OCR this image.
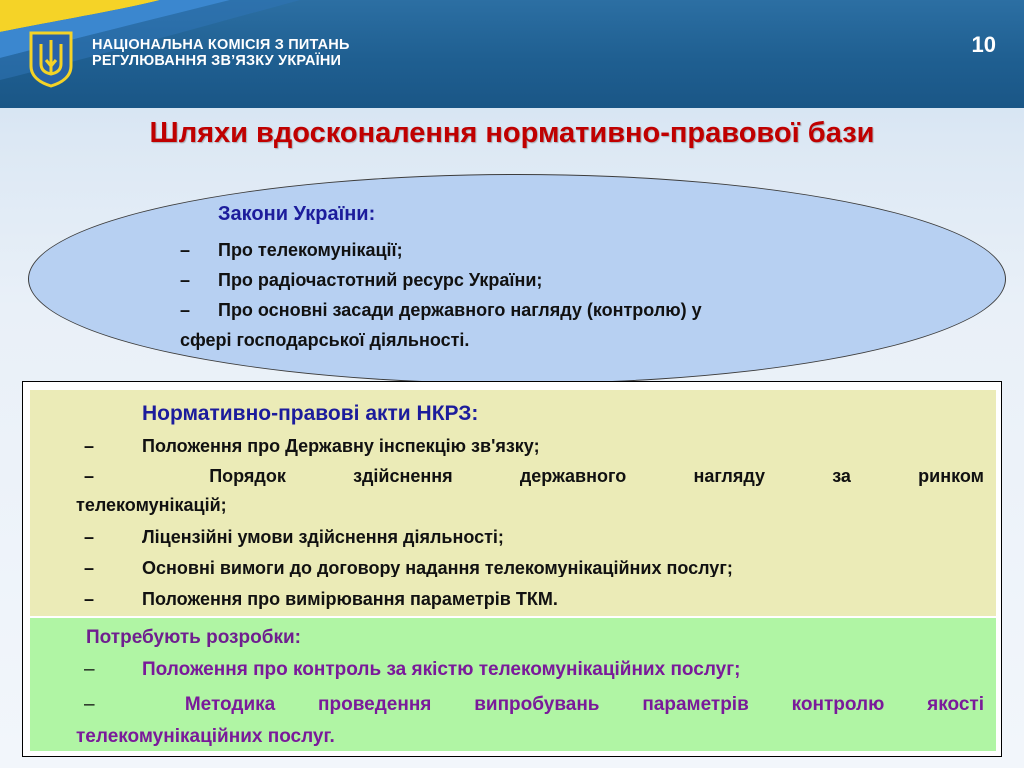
НАЦІОНАЛЬНА КОМІСІЯ З ПИТАНЬ
РЕГУЛЮВАННЯ ЗВ’ЯЗКУ УКРАЇНИ
10
Шляхи вдосконалення нормативно-правової бази
Закони України:
– Про телекомунікації;
– Про радіочастотний ресурс України;
– Про основні засади державного нагляду (контролю) у
сфері господарської діяльності.
Нормативно-правові акти НКРЗ:
–	Положення про Державну інспекцію зв'язку;
–	Порядок	здійснення	державного	нагляду	за	ринком
телекомунікацій;
–	Ліцензійні умови здійснення діяльності;
–	Основні вимоги до договору надання телекомунікаційних послуг;
–	Положення про вимірювання параметрів ТКМ.
Потребують розробки:
– Положення про контроль за якістю телекомунікаційних послуг;
–	Методика проведення випробувань параметрів контролю якості
телекомунікаційних послуг.
